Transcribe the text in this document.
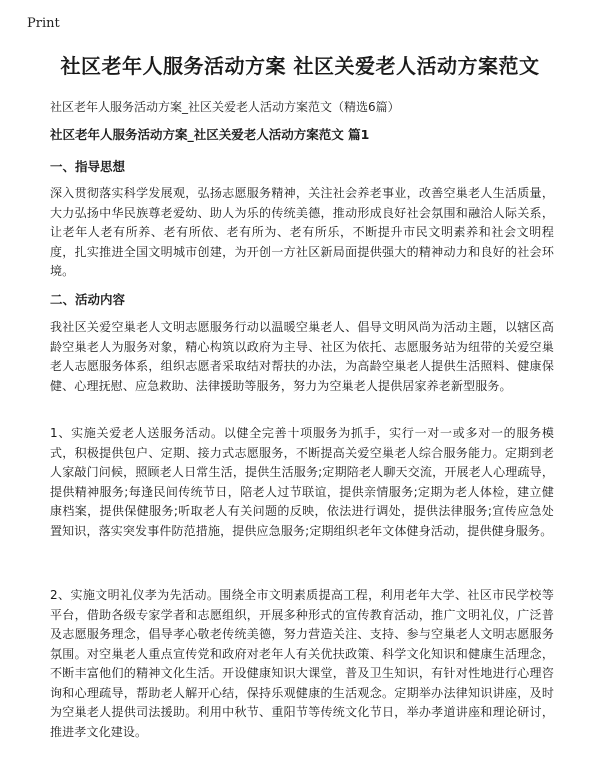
Print
社区老年人服务活动方案 社区关爱老人活动方案范文

社区老年人服务活动方案_社区关爱老人活动方案范文（精选6篇）

社区老年人服务活动方案_社区关爱老人活动方案范文 篇1

一、指导思想

深入贯彻落实科学发展观，弘扬志愿服务精神，关注社会养老事业，改善空巢老人生活质量，大力弘扬中华民族尊老爱幼、助人为乐的传统美德，推动形成良好社会氛围和融洽人际关系，让老年人老有所养、老有所依、老有所为、老有所乐，不断提升市民文明素养和社会文明程度，扎实推进全国文明城市创建，为开创一方社区新局面提供强大的精神动力和良好的社会环境。

二、活动内容

我社区关爱空巢老人文明志愿服务行动以温暖空巢老人、倡导文明风尚为活动主题，以辖区高龄空巢老人为服务对象，精心构筑以政府为主导、社区为依托、志愿服务站为纽带的关爱空巢老人志愿服务体系，组织志愿者采取结对帮扶的办法，为高龄空巢老人提供生活照料、健康保健、心理抚慰、应急救助、法律援助等服务，努力为空巢老人提供居家养老新型服务。

1、实施关爱老人送服务活动。以健全完善十项服务为抓手，实行一对一或多对一的服务模式，积极提供包户、定期、接力式志愿服务，不断提高关爱空巢老人综合服务能力。定期到老人家敲门问候，照顾老人日常生活，提供生活服务;定期陪老人聊天交流，开展老人心理疏导，提供精神服务;每逢民间传统节日，陪老人过节联谊，提供亲情服务;定期为老人体检，建立健康档案，提供保健服务;听取老人有关问题的反映，依法进行调处，提供法律服务;宣传应急处置知识，落实突发事件防范措施，提供应急服务;定期组织老年文体健身活动，提供健身服务。

2、实施文明礼仪孝为先活动。围绕全市文明素质提高工程，利用老年大学、社区市民学校等平台，借助各级专家学者和志愿组织，开展多种形式的宣传教育活动，推广文明礼仪，广泛普及志愿服务理念，倡导孝心敬老传统美德，努力营造关注、支持、参与空巢老人文明志愿服务氛围。对空巢老人重点宣传党和政府对老年人有关优扶政策、科学文化知识和健康生活理念，不断丰富他们的精神文化生活。开设健康知识大课堂，普及卫生知识，有针对性地进行心理咨询和心理疏导，帮助老人解开心结，保持乐观健康的生活观念。定期举办法律知识讲座，及时为空巢老人提供司法援助。利用中秋节、重阳节等传统文化节日，举办孝道讲座和理论研讨，推进孝文化建设。
